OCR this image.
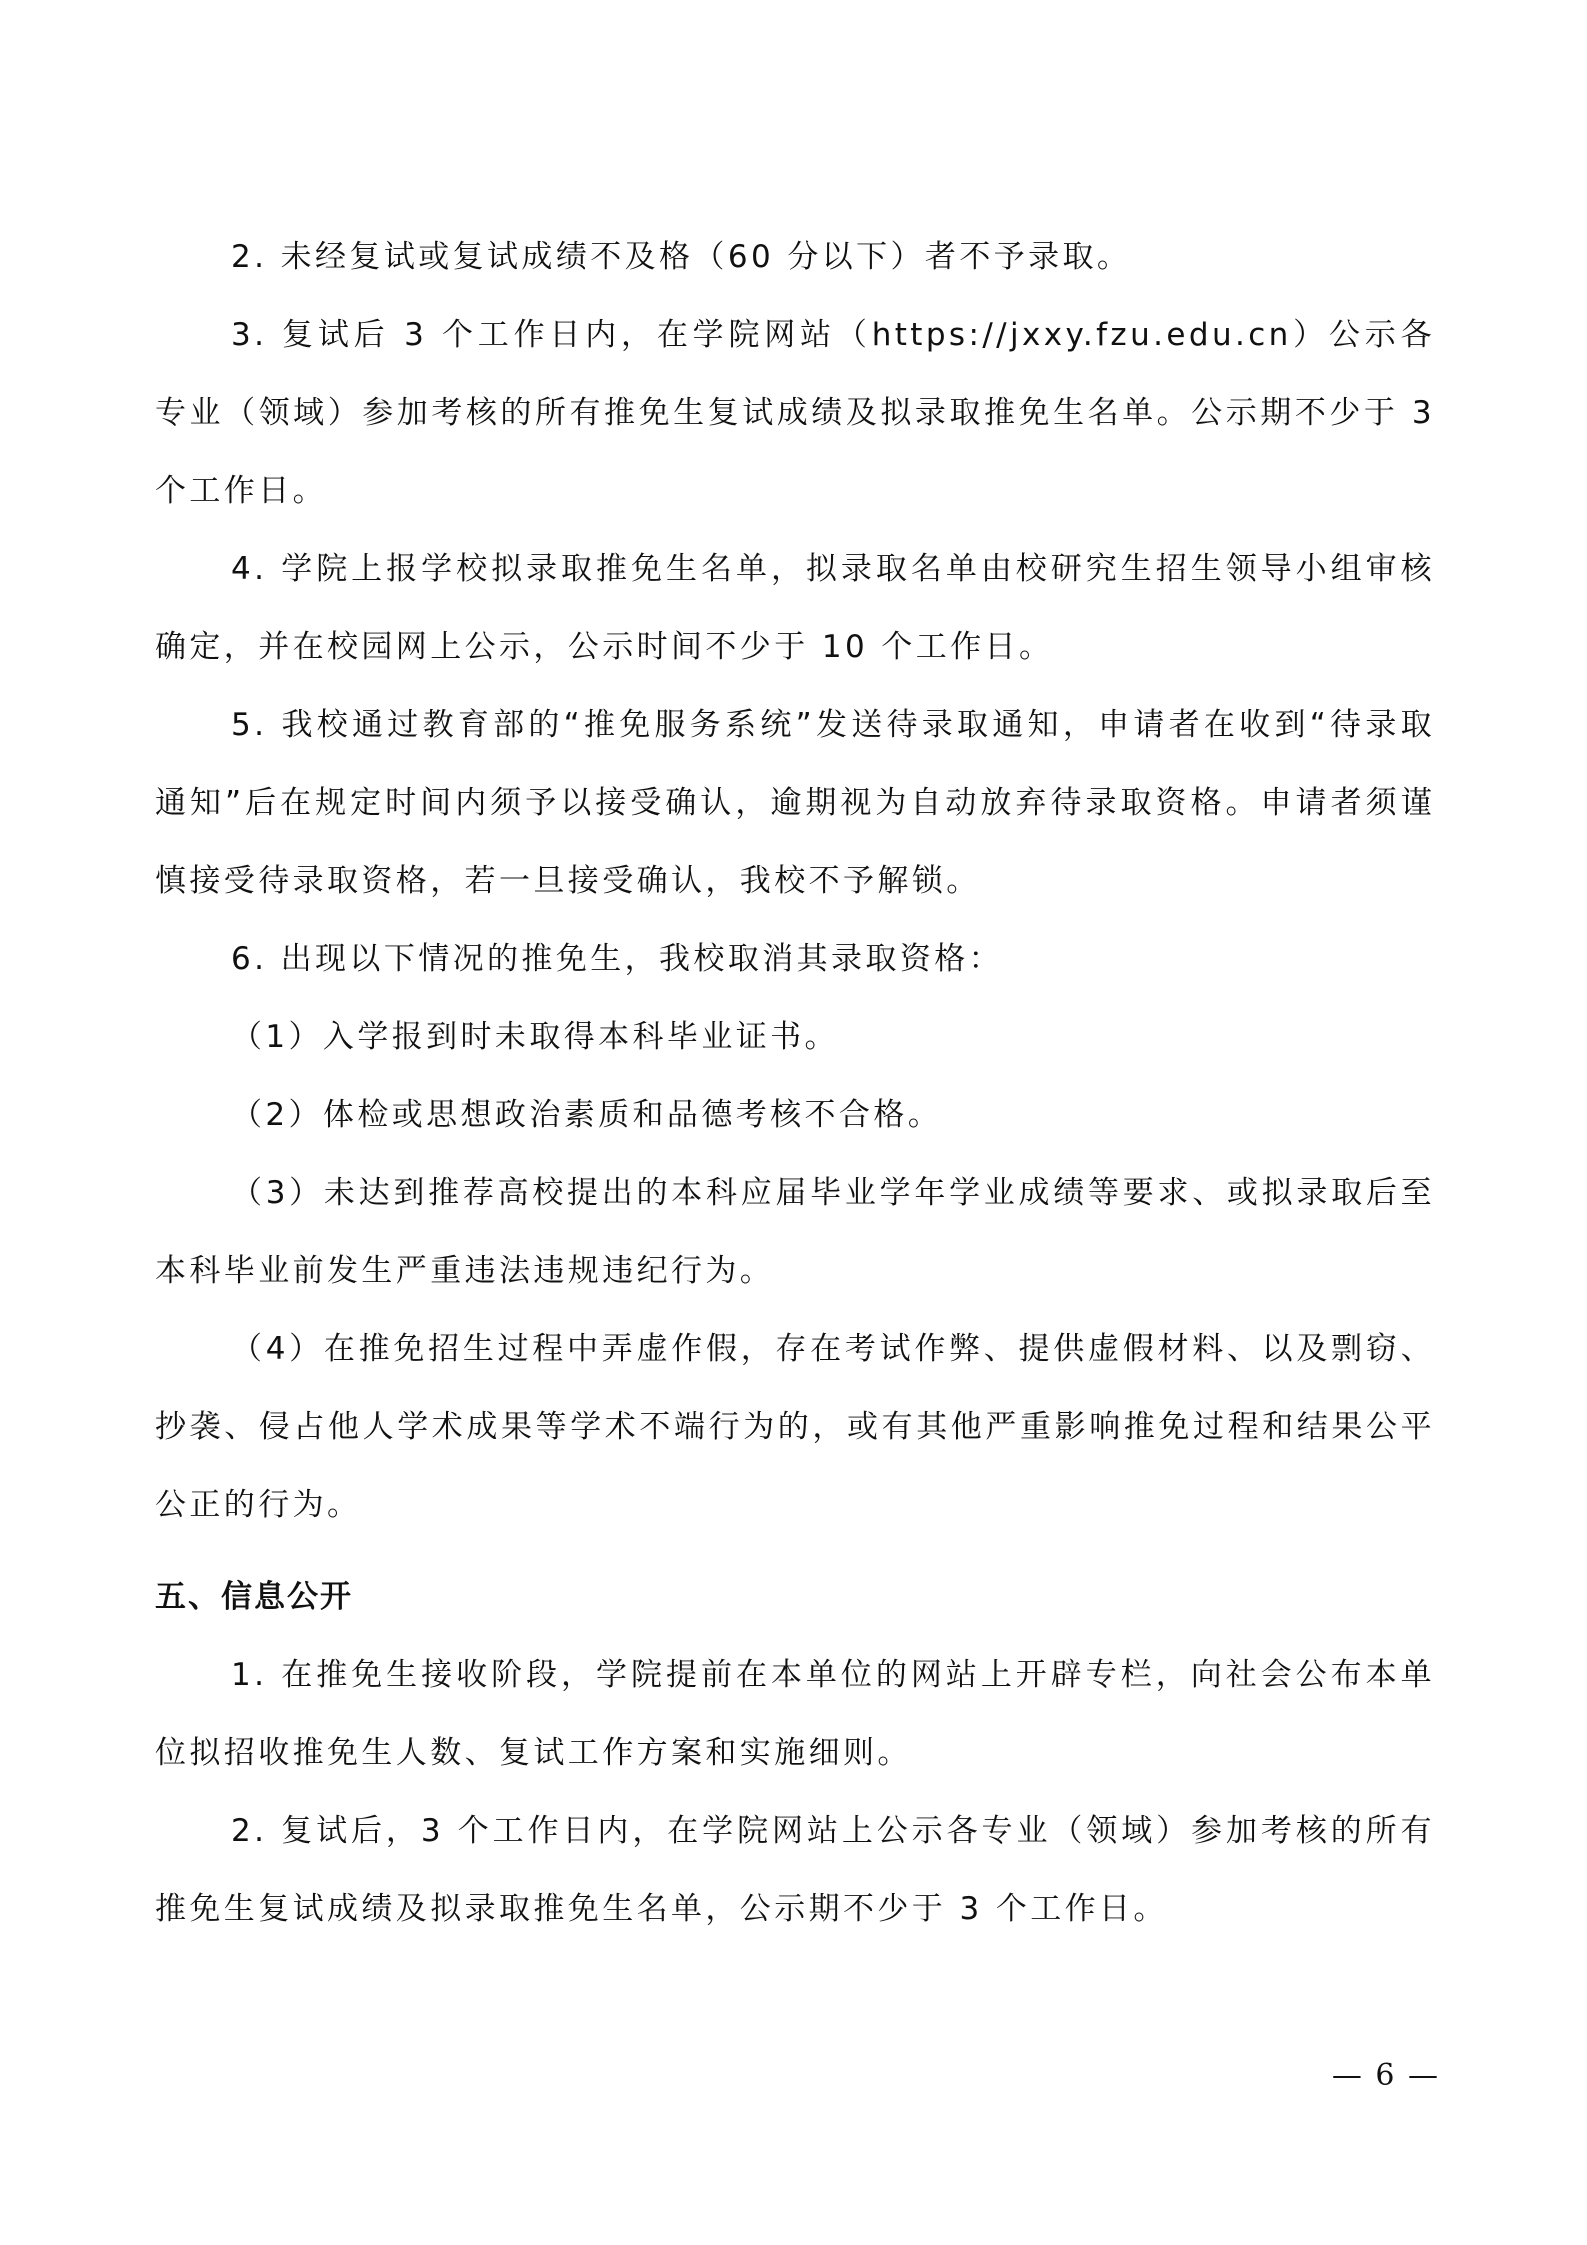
2. 未经复试或复试成绩不及格（60 分以下）者不予录取。

3. 复试后 3 个工作日内，在学院网站（https://jxxy.fzu.edu.cn）公示各专业（领域）参加考核的所有推免生复试成绩及拟录取推免生名单。公示期不少于 3 个工作日。

4. 学院上报学校拟录取推免生名单，拟录取名单由校研究生招生领导小组审核确定，并在校园网上公示，公示时间不少于 10 个工作日。

5. 我校通过教育部的“推免服务系统”发送待录取通知，申请者在收到“待录取通知”后在规定时间内须予以接受确认，逾期视为自动放弃待录取资格。申请者须谨慎接受待录取资格，若一旦接受确认，我校不予解锁。

6. 出现以下情况的推免生，我校取消其录取资格：

（1）入学报到时未取得本科毕业证书。

（2）体检或思想政治素质和品德考核不合格。

（3）未达到推荐高校提出的本科应届毕业学年学业成绩等要求、或拟录取后至本科毕业前发生严重违法违规违纪行为。

（4）在推免招生过程中弄虚作假，存在考试作弊、提供虚假材料、以及剽窃、抄袭、侵占他人学术成果等学术不端行为的，或有其他严重影响推免过程和结果公平公正的行为。

五、信息公开

1. 在推免生接收阶段，学院提前在本单位的网站上开辟专栏，向社会公布本单位拟招收推免生人数、复试工作方案和实施细则。

2. 复试后，3 个工作日内，在学院网站上公示各专业（领域）参加考核的所有推免生复试成绩及拟录取推免生名单，公示期不少于 3 个工作日。

— 6 —
